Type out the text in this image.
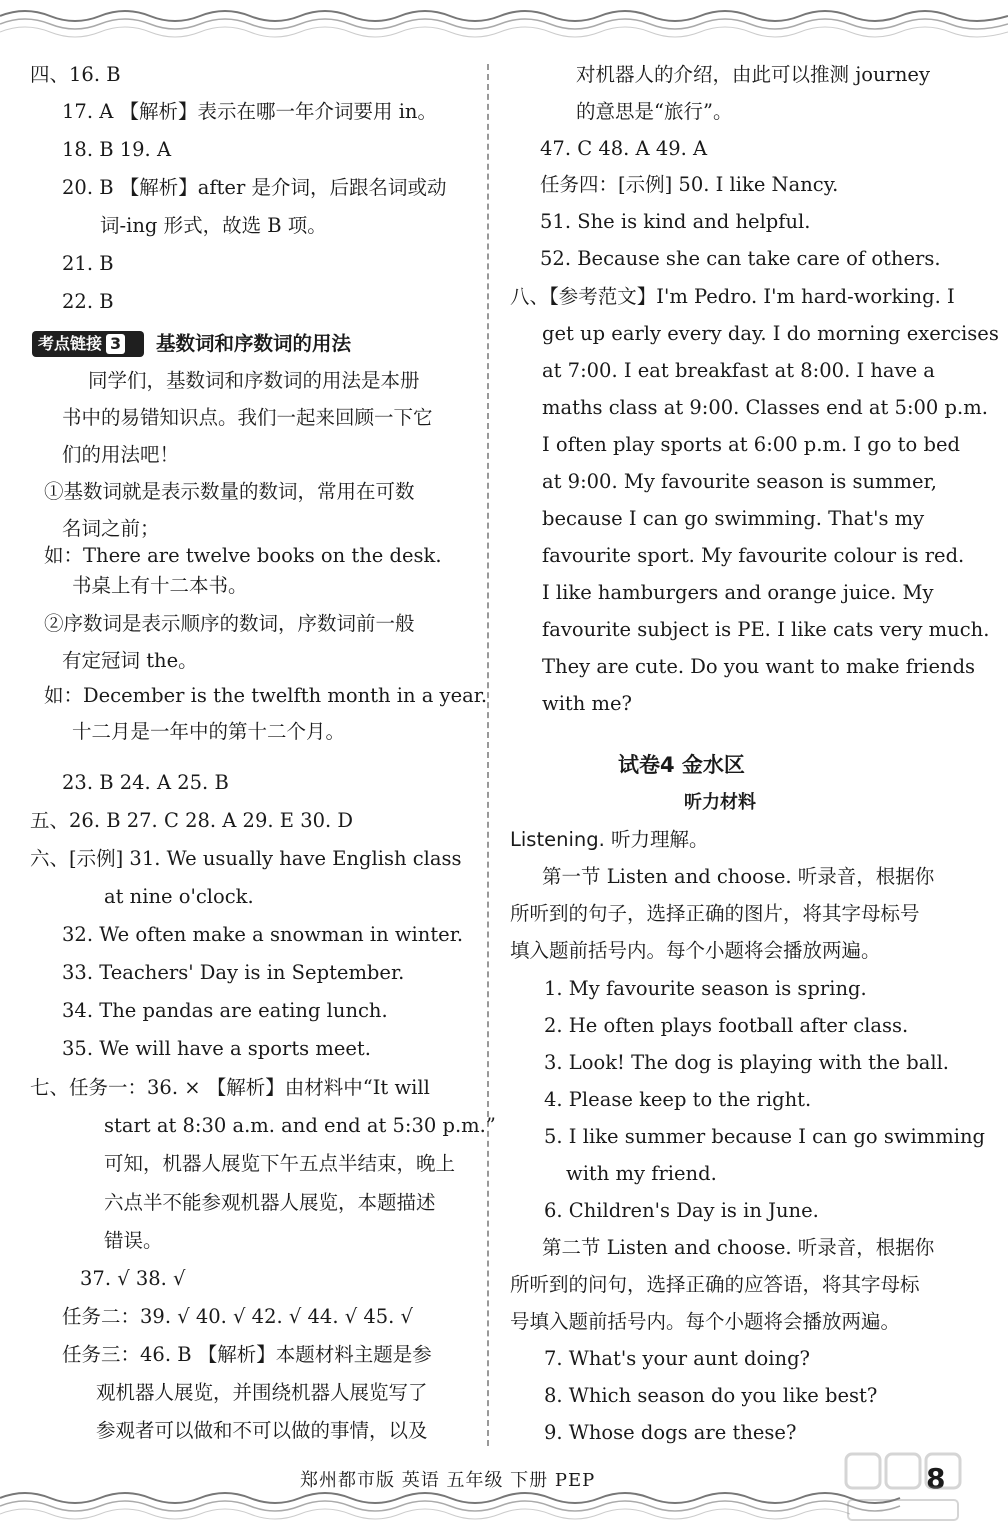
四、16. B
17. A 【解析】表示在哪一年介词要用 in。
18. B 19. A
20. B 【解析】after 是介词，后跟名词或动
词-ing 形式，故选 B 项。
21. B
22. B
考点链接 3	基数词和序数词的用法
同学们，基数词和序数词的用法是本册
书中的易错知识点。我们一起来回顾一下它
们的用法吧！
①基数词就是表示数量的数词，常用在可数
名词之前；
如：There are twelve books on the desk.
书桌上有十二本书。
②序数词是表示顺序的数词，序数词前一般
有定冠词 the。
如：December is the twelfth month in a year.
十二月是一年中的第十二个月。
23. B 24. A 25. B
五、26. B 27. C 28. A 29. E 30. D
六、[示例] 31. We usually have English class
at nine o'clock.
32. We often make a snowman in winter.
33. Teachers' Day is in September.
34. The pandas are eating lunch.
35. We will have a sports meet.
七、任务一：36. × 【解析】由材料中“It will
start at 8:30 a.m. and end at 5:30 p.m.”
可知，机器人展览下午五点半结束，晚上
六点半不能参观机器人展览，本题描述
错误。
37. √ 38. √
任务二：39. √ 40. √ 42. √ 44. √ 45. √
任务三：46. B 【解析】本题材料主题是参
观机器人展览，并围绕机器人展览写了
参观者可以做和不可以做的事情，以及
对机器人的介绍，由此可以推测 journey
的意思是“旅行”。
47. C 48. A 49. A
任务四：[示例] 50. I like Nancy.
51. She is kind and helpful.
52. Because she can take care of others.
八、【参考范文】I'm Pedro. I'm hard-working. I
get up early every day. I do morning exercises
at 7:00. I eat breakfast at 8:00. I have a
maths class at 9:00. Classes end at 5:00 p.m.
I often play sports at 6:00 p.m. I go to bed
at 9:00. My favourite season is summer,
because I can go swimming. That's my
favourite sport. My favourite colour is red.
I like hamburgers and orange juice. My
favourite subject is PE. I like cats very much.
They are cute. Do you want to make friends
with me?
试卷4 金水区
听力材料
Listening. 听力理解。
第一节 Listen and choose. 听录音，根据你
所听到的句子，选择正确的图片，将其字母标号
填入题前括号内。每个小题将会播放两遍。
1. My favourite season is spring.
2. He often plays football after class.
3. Look! The dog is playing with the ball.
4. Please keep to the right.
5. I like summer because I can go swimming
with my friend.
6. Children's Day is in June.
第二节 Listen and choose. 听录音，根据你
所听到的问句，选择正确的应答语，将其字母标
号填入题前括号内。每个小题将会播放两遍。
7. What's your aunt doing?
8. Which season do you like best?
9. Whose dogs are these?
郑州都市版 英语 五年级 下册 PEP	8
